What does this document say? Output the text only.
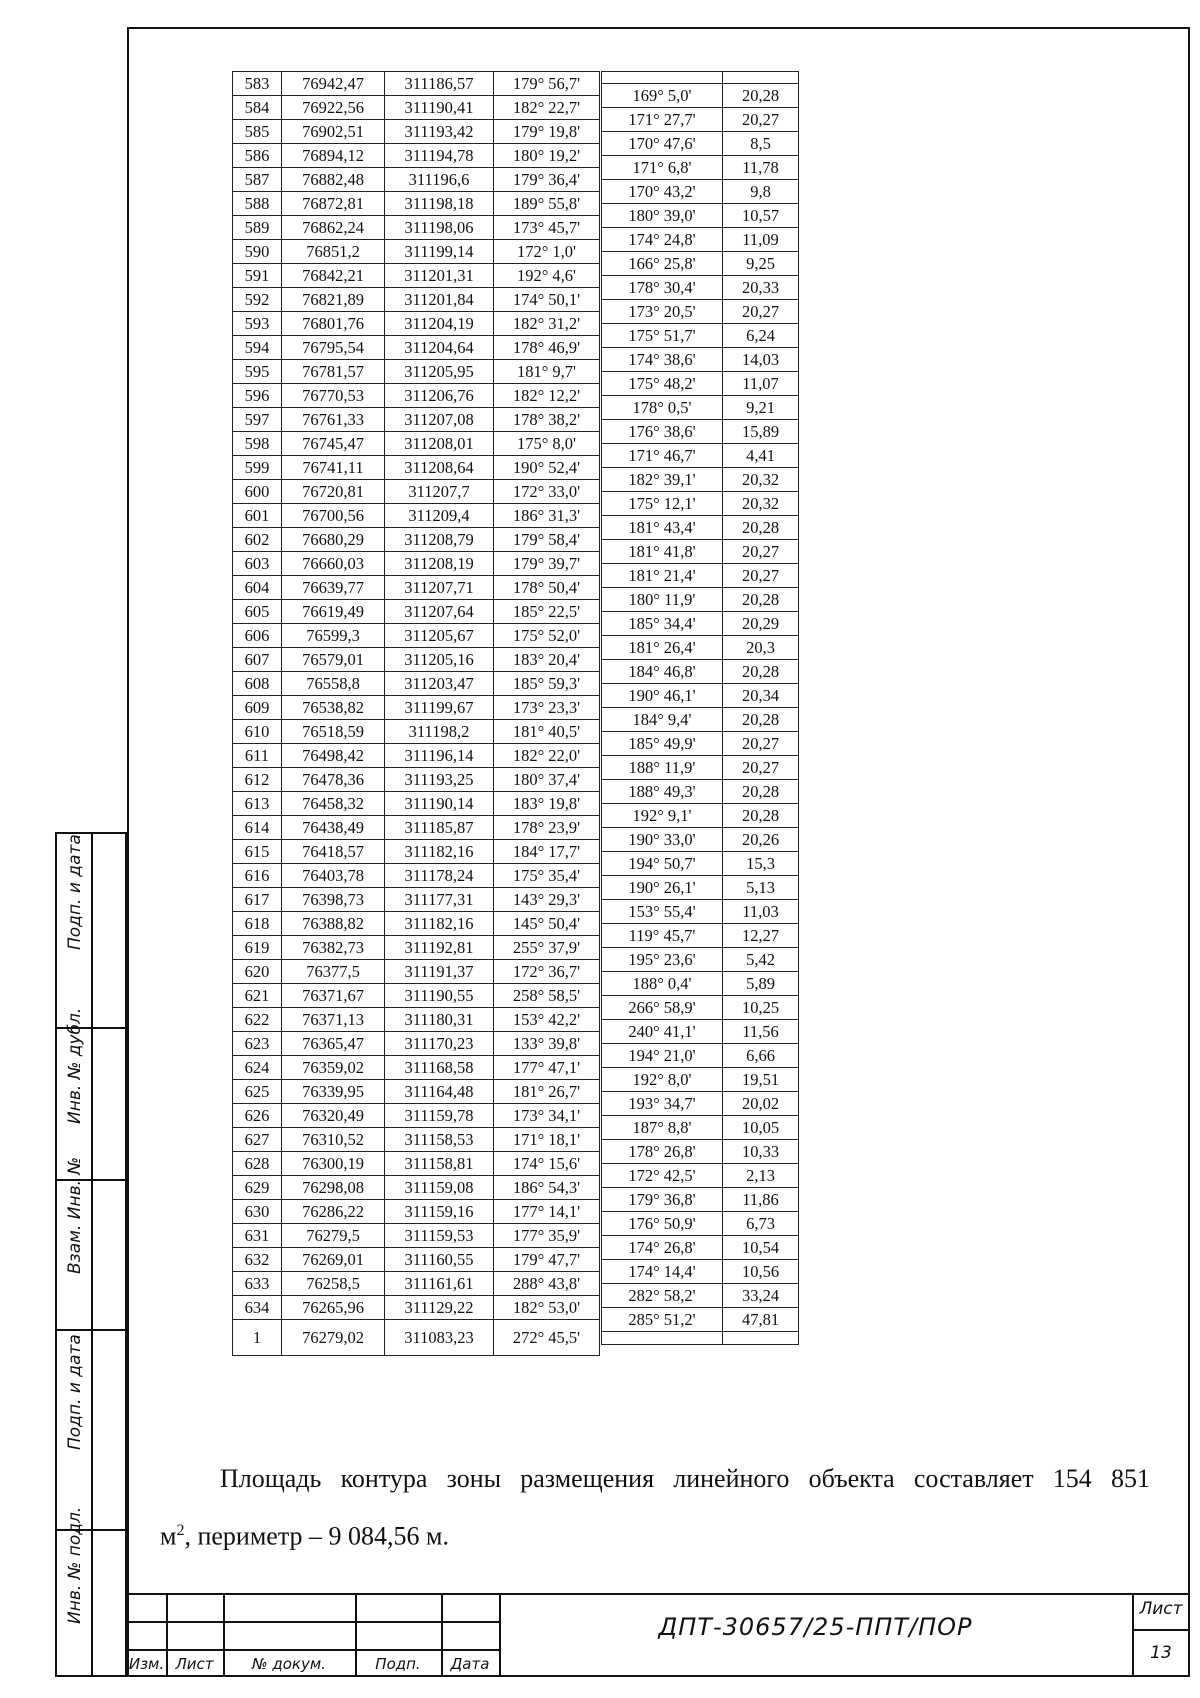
Подп. и дата
Инв. № дубл.
Взам. Инв. №
Подп. и дата
Инв. № подл.
583	76942,47	311186,57	179° 56,7'
584	76922,56	311190,41	182° 22,7'
585	76902,51	311193,42	179° 19,8'
586	76894,12	311194,78	180° 19,2'
587	76882,48	311196,6	179° 36,4'
588	76872,81	311198,18	189° 55,8'
589	76862,24	311198,06	173° 45,7'
590	76851,2	311199,14	172° 1,0'
591	76842,21	311201,31	192° 4,6'
592	76821,89	311201,84	174° 50,1'
593	76801,76	311204,19	182° 31,2'
594	76795,54	311204,64	178° 46,9'
595	76781,57	311205,95	181° 9,7'
596	76770,53	311206,76	182° 12,2'
597	76761,33	311207,08	178° 38,2'
598	76745,47	311208,01	175° 8,0'
599	76741,11	311208,64	190° 52,4'
600	76720,81	311207,7	172° 33,0'
601	76700,56	311209,4	186° 31,3'
602	76680,29	311208,79	179° 58,4'
603	76660,03	311208,19	179° 39,7'
604	76639,77	311207,71	178° 50,4'
605	76619,49	311207,64	185° 22,5'
606	76599,3	311205,67	175° 52,0'
607	76579,01	311205,16	183° 20,4'
608	76558,8	311203,47	185° 59,3'
609	76538,82	311199,67	173° 23,3'
610	76518,59	311198,2	181° 40,5'
611	76498,42	311196,14	182° 22,0'
612	76478,36	311193,25	180° 37,4'
613	76458,32	311190,14	183° 19,8'
614	76438,49	311185,87	178° 23,9'
615	76418,57	311182,16	184° 17,7'
616	76403,78	311178,24	175° 35,4'
617	76398,73	311177,31	143° 29,3'
618	76388,82	311182,16	145° 50,4'
619	76382,73	311192,81	255° 37,9'
620	76377,5	311191,37	172° 36,7'
621	76371,67	311190,55	258° 58,5'
622	76371,13	311180,31	153° 42,2'
623	76365,47	311170,23	133° 39,8'
624	76359,02	311168,58	177° 47,1'
625	76339,95	311164,48	181° 26,7'
626	76320,49	311159,78	173° 34,1'
627	76310,52	311158,53	171° 18,1'
628	76300,19	311158,81	174° 15,6'
629	76298,08	311159,08	186° 54,3'
630	76286,22	311159,16	177° 14,1'
631	76279,5	311159,53	177° 35,9'
632	76269,01	311160,55	179° 47,7'
633	76258,5	311161,61	288° 43,8'
634	76265,96	311129,22	182° 53,0'
1	76279,02	311083,23	272° 45,5'

169° 5,0'	20,28
171° 27,7'	20,27
170° 47,6'	8,5
171° 6,8'	11,78
170° 43,2'	9,8
180° 39,0'	10,57
174° 24,8'	11,09
166° 25,8'	9,25
178° 30,4'	20,33
173° 20,5'	20,27
175° 51,7'	6,24
174° 38,6'	14,03
175° 48,2'	11,07
178° 0,5'	9,21
176° 38,6'	15,89
171° 46,7'	4,41
182° 39,1'	20,32
175° 12,1'	20,32
181° 43,4'	20,28
181° 41,8'	20,27
181° 21,4'	20,27
180° 11,9'	20,28
185° 34,4'	20,29
181° 26,4'	20,3
184° 46,8'	20,28
190° 46,1'	20,34
184° 9,4'	20,28
185° 49,9'	20,27
188° 11,9'	20,27
188° 49,3'	20,28
192° 9,1'	20,28
190° 33,0'	20,26
194° 50,7'	15,3
190° 26,1'	5,13
153° 55,4'	11,03
119° 45,7'	12,27
195° 23,6'	5,42
188° 0,4'	5,89
266° 58,9'	10,25
240° 41,1'	11,56
194° 21,0'	6,66
192° 8,0'	19,51
193° 34,7'	20,02
187° 8,8'	10,05
178° 26,8'	10,33
172° 42,5'	2,13
179° 36,8'	11,86
176° 50,9'	6,73
174° 26,8'	10,54
174° 14,4'	10,56
282° 58,2'	33,24
285° 51,2'	47,81

Площадь контура зоны размещения линейного объекта составляет 154 851
$м^2$, периметр – 9 084,56 м.
Изм. Лист	№ докум.	Подп.	Дата
ДПТ-30657/25-ППТ/ПОР
Лист
13
